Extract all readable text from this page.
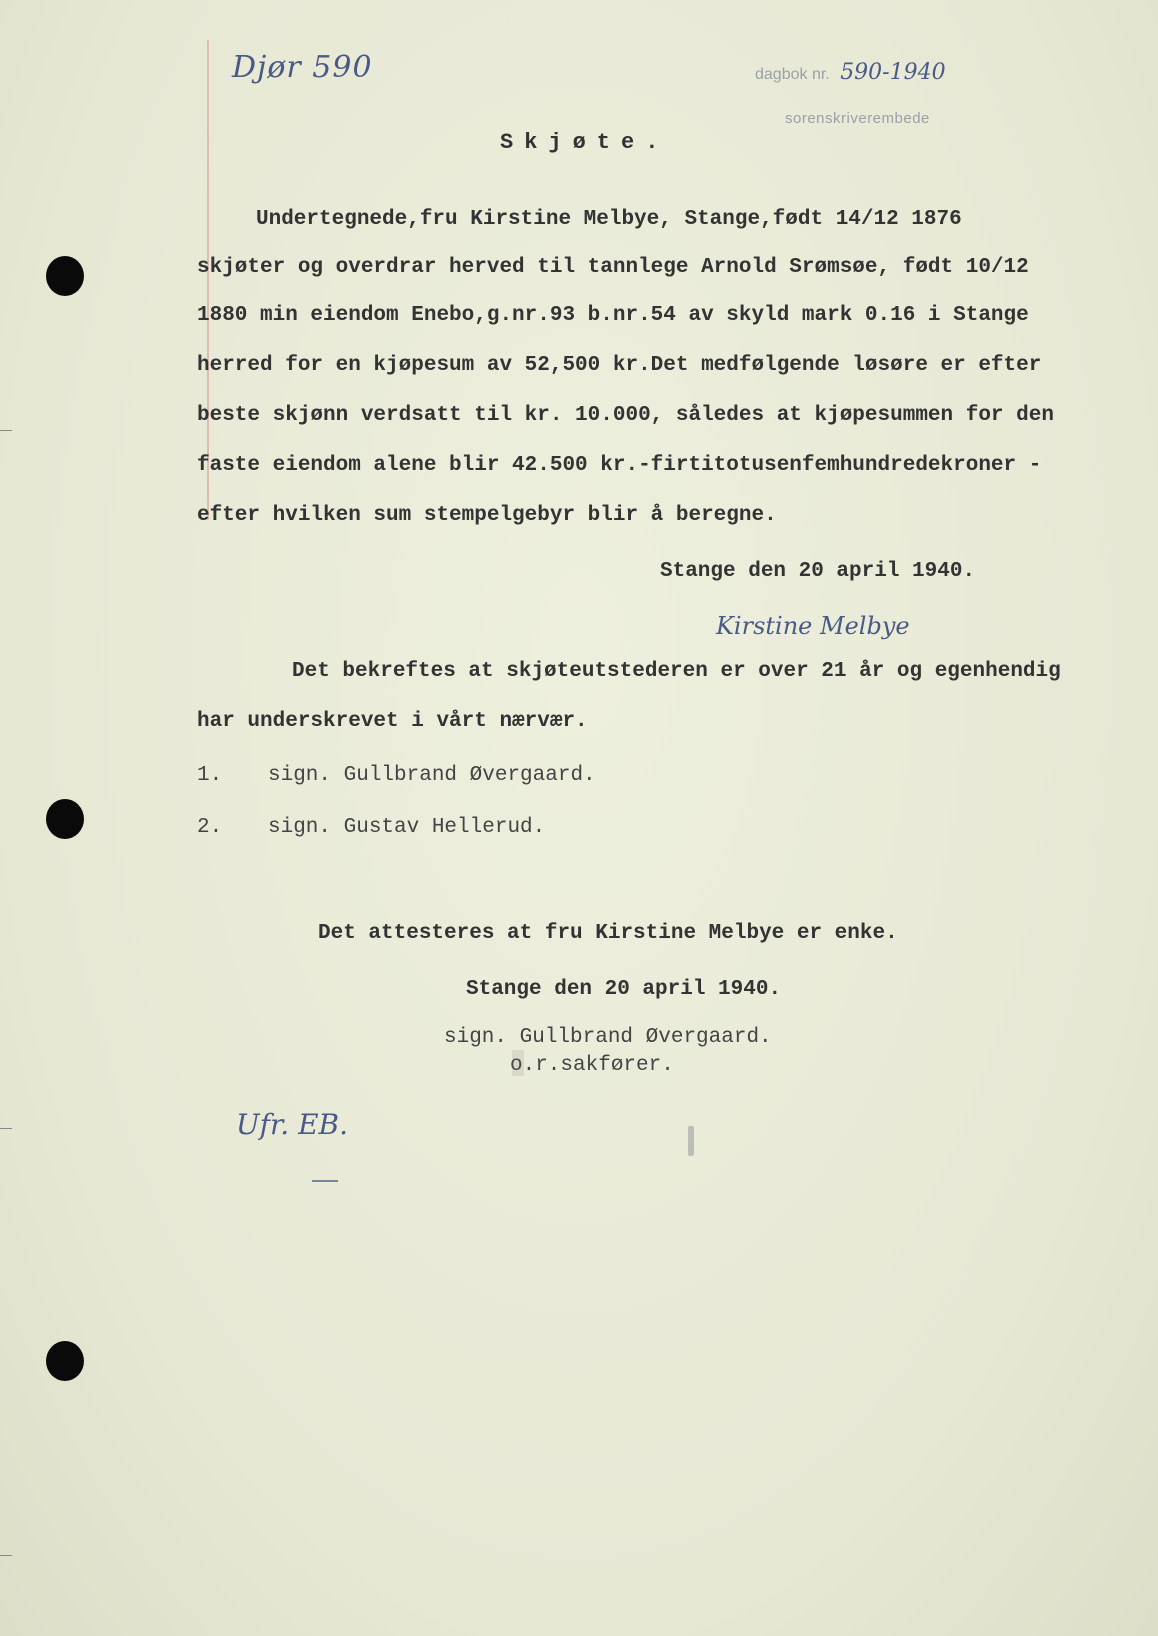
Djør 590	dagbok nr. 590-1940
sorenskriverembede
Skjøte.
Undertegnede,fru Kirstine Melbye, Stange,født 14/12 1876
skjøter og overdrar herved til tannlege Arnold Srømsøe, født 10/12
1880 min eiendom Enebo,g.nr.93 b.nr.54 av skyld mark 0.16 i Stange
herred for en kjøpesum av 52,500 kr.Det medfølgende løsøre er efter
beste skjønn verdsatt til kr. 10.000, således at kjøpesummen for den
faste eiendom alene blir 42.500 kr.-firtitotusenfemhundredekroner -
efter hvilken sum stempelgebyr blir å beregne.
Stange den 20 april 1940.
Kirstine Melbye
Det bekreftes at skjøteutstederen er over 21 år og egenhendig
har underskrevet i vårt nærvær.
1. sign. Gullbrand Øvergaard.
2. sign. Gustav Hellerud.
Det attesteres at fru Kirstine Melbye er enke.
Stange den 20 april 1940.
sign. Gullbrand Øvergaard.
o.r.sakfører.
Ufr. EB.
